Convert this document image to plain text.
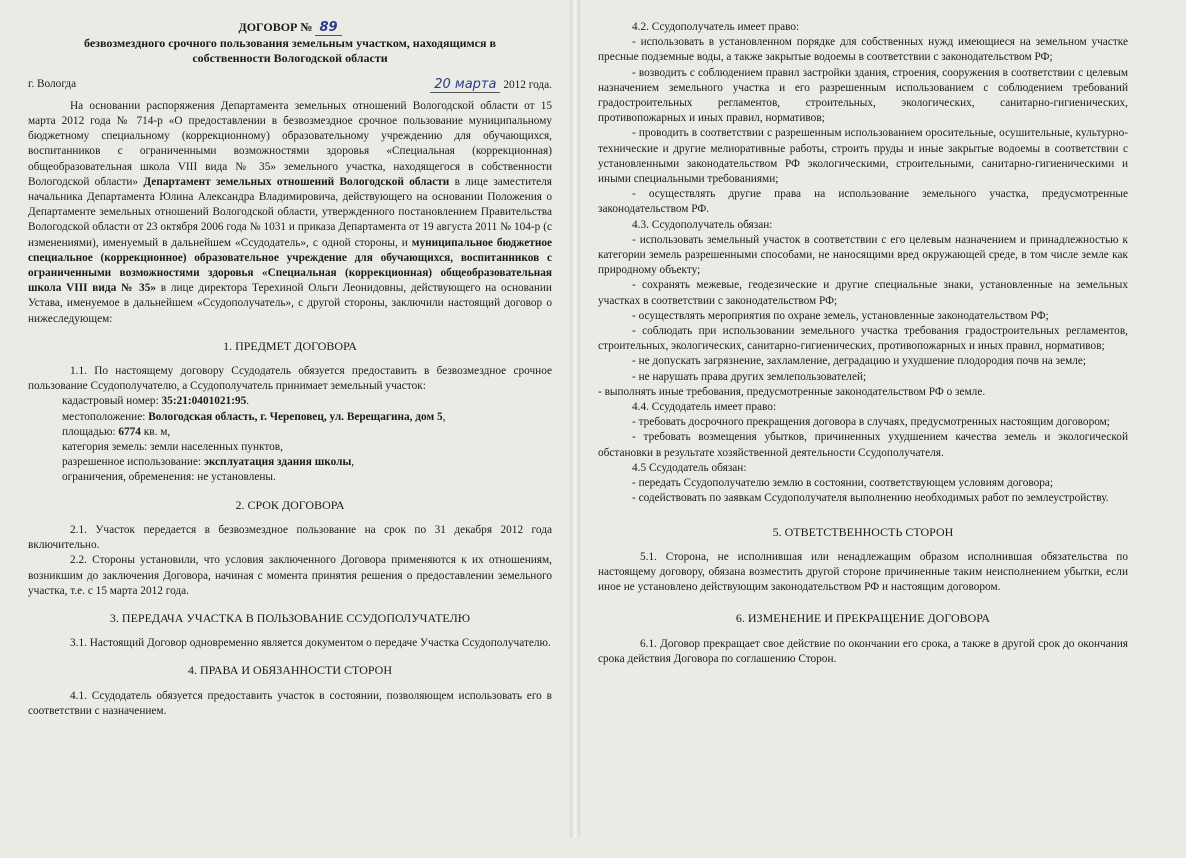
ДОГОВОР № 89
безвозмездного срочного пользования земельным участком, находящимся в собственности Вологодской области
г. Вологда	20 марта 2012 года.

На основании распоряжения Департамента земельных отношений Вологодской области от 15 марта 2012 года № 714-р «О предоставлении в безвозмездное срочное пользование муниципальному бюджетному специальному (коррекционному) образовательному учреждению для обучающихся, воспитанников с ограниченными возможностями здоровья «Специальная (коррекционная) общеобразовательная школа VIII вида № 35» земельного участка, находящегося в собственности Вологодской области» Департамент земельных отношений Вологодской области в лице заместителя начальника Департамента Юлина Александра Владимировича, действующего на основании Положения о Департаменте земельных отношений Вологодской области, утвержденного постановлением Правительства Вологодской области от 23 октября 2006 года № 1031 и приказа Департамента от 19 августа 2011 № 104-р (с изменениями), именуемый в дальнейшем «Ссудодатель», с одной стороны, и муниципальное бюджетное специальное (коррекционное) образовательное учреждение для обучающихся, воспитанников с ограниченными возможностями здоровья «Специальная (коррекционная) общеобразовательная школа VIII вида № 35» в лице директора Терехиной Ольги Леонидовны, действующего на основании Устава, именуемое в дальнейшем «Ссудополучатель», с другой стороны, заключили настоящий договор о нижеследующем:

1. ПРЕДМЕТ ДОГОВОРА

1.1. По настоящему договору Ссудодатель обязуется предоставить в безвозмездное срочное пользование Ссудополучателю, а Ссудополучатель принимает земельный участок:

кадастровый номер: 35:21:0401021:95.
местоположение: Вологодская область, г. Череповец, ул. Верещагина, дом 5,
площадью: 6774 кв. м,
категория земель: земли населенных пунктов,
разрешенное использование: эксплуатация здания школы,
ограничения, обременения: не установлены.
2. СРОК ДОГОВОРА

2.1. Участок передается в безвозмездное пользование на срок по 31 декабря 2012 года включительно.

2.2. Стороны установили, что условия заключенного Договора применяются к их отношениям, возникшим до заключения Договора, начиная с момента принятия решения о предоставлении земельного участка, т.е. с 15 марта 2012 года.

3. ПЕРЕДАЧА УЧАСТКА В ПОЛЬЗОВАНИЕ ССУДОПОЛУЧАТЕЛЮ

3.1. Настоящий Договор одновременно является документом о передаче Участка Ссудополучателю.

4. ПРАВА И ОБЯЗАННОСТИ СТОРОН

4.1. Ссудодатель обязуется предоставить участок в состоянии, позволяющем использовать его в соответствии с назначением.

4.2. Ссудополучатель имеет право:

- использовать в установленном порядке для собственных нужд имеющиеся на земельном участке пресные подземные воды, а также закрытые водоемы в соответствии с законодательством РФ;

- возводить с соблюдением правил застройки здания, строения, сооружения в соответствии с целевым назначением земельного участка и его разрешенным использованием с соблюдением требований градостроительных регламентов, строительных, экологических, санитарно-гигиенических, противопожарных и иных правил, нормативов;

- проводить в соответствии с разрешенным использованием оросительные, осушительные, культурно-технические и другие мелиоративные работы, строить пруды и иные закрытые водоемы в соответствии с установленными законодательством РФ экологическими, строительными, санитарно-гигиеническими и иными специальными требованиями;

- осуществлять другие права на использование земельного участка, предусмотренные законодательством РФ.

4.3. Ссудополучатель обязан:

- использовать земельный участок в соответствии с его целевым назначением и принадлежностью к категории земель разрешенными способами, не наносящими вред окружающей среде, в том числе земле как природному объекту;

- сохранять межевые, геодезические и другие специальные знаки, установленные на земельных участках в соответствии с законодательством РФ;

- осуществлять мероприятия по охране земель, установленные законодательством РФ;

- соблюдать при использовании земельного участка требования градостроительных регламентов, строительных, экологических, санитарно-гигиенических, противопожарных и иных правил, нормативов;

- не допускать загрязнение, захламление, деградацию и ухудшение плодородия почв на земле;

- не нарушать права других землепользователей;

- выполнять иные требования, предусмотренные законодательством РФ о земле.

4.4. Ссудодатель имеет право:

- требовать досрочного прекращения договора в случаях, предусмотренных настоящим договором;

- требовать возмещения убытков, причиненных ухудшением качества земель и экологической обстановки в результате хозяйственной деятельности Ссудополучателя.

4.5 Ссудодатель обязан:

- передать Ссудополучателю землю в состоянии, соответствующем условиям договора;

- содействовать по заявкам Ссудополучателя выполнению необходимых работ по землеустройству.

5. ОТВЕТСТВЕННОСТЬ СТОРОН

5.1. Сторона, не исполнившая или ненадлежащим образом исполнившая обязательства по настоящему договору, обязана возместить другой стороне причиненные таким неисполнением убытки, если иное не установлено действующим законодательством РФ и настоящим договором.

6. ИЗМЕНЕНИЕ И ПРЕКРАЩЕНИЕ ДОГОВОРА

6.1. Договор прекращает свое действие по окончании его срока, а также в другой срок до окончания срока действия Договора по соглашению Сторон.
